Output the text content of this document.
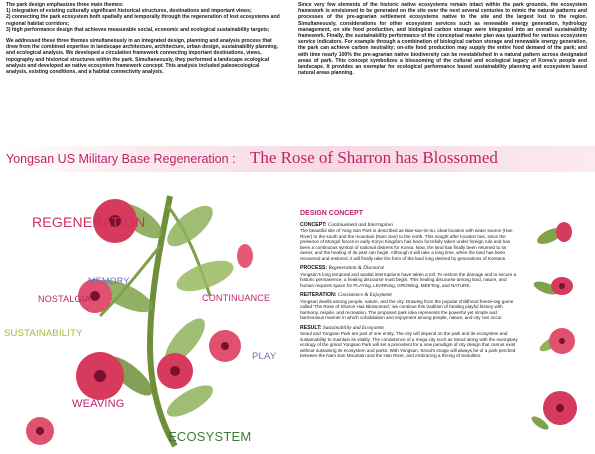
The park design emphasizes three main themes:
1) integration of existing culturally significant historical structures, destinations and important views;
2) connecting the park ecosystem both spatially and temporally through the regeneration of lost ecosystems and regional habitat corridors;
3) high performance design that achieves measurable social, economic and ecological sustainability targets;

We addressed these three themes simultaneously in an integrated design, planning and analysis process that drew from the combined expertise in landscape architecture, architecture, urban design, sustainability planning, and ecological analysis. We developed a circulation framework connecting important destinations, views, topography and historical structures within the park. Simultaneously, they performed a landscape ecological analysis and developed an native ecosystem framework concept. This analysis included paleoecological analysis, existing conditions, and a habitat connectivity analysis.

Since very few elements of the historic native ecosystems remain intact within the park grounds, the ecosystem framework is envisioned to be generated on the site over the next several centuries to mimic the natural patterns and processes of the pre-agrarian settlement ecosystems native to the site and the largest lost to the region. Simultaneously, considerations for other ecosystem services such as renewable energy generation, hydrology management, on site food production, and biological carbon storage were integrated into an overall sustainability framework. Finally, the sustainability performance of the conceptual master plan was quantified for various ecosystem service indicators. For example through a combination of biological carbon storage and renewable energy generation, the park can achieve carbon neutrality; on-site food production may supply the entire food demand of the park; and with time nearly 100% the pre-agrarian native biodiversity can be reestablished in a natural pattern across designated areas of park. This concept symbolizes a blossoming of the cultural and ecological legacy of Korea's people and landscape. It provides an exemplar for ecological performance based sustainability planning and ecosystem based natural areas planning.

Yongsan US Military Base Regeneration : The Rose of Sharron has Blossomed
REGENERATION
MEMORY
NOSTALGIA
SUSTAINABILITY
CONTINUANCE
PLAY
WEAVING
ECOSYSTEM
DESIGN CONCEPT
CONCEPT: Continuement and Interruption
The beautiful site of Yong San Park is described as Bae-san-im-su, ideal location with water source (Han River) to the south and the mountain (Nam San) to the north. This sought after location has, since the presence of Mongol forces in early Koryo Kingdom has been forcefully taken under foreign rule and has been a continuous symbol of national distress for Korea. Now, the land has finally been returned to its owner, and the healing of its past can begin. Although it will take a long time, when the land has been recovered and restored, it will finally take the form of the land long desired by generations of Koreans.
PROCESS: Regeneration & Discourse
Yongsan's long temporal and spatial interruptions have taken a toll. To restore the damage and to secure a historic permanence, a healing discourse must begin. This healing discourse among land, nature, and human requires space for PLAYing, LEARNing, GROWing, MEETing, and NATURE.
REITERATION: Coexistence & Enjoyment
Yongsan dwells among people, nature, and the city. Drawing from the popular childhood freeze-tag game called 'The Rose of Sharon Has Blossomed,' we continue this tradition of healing playful history with harmony, respite, and recreation. The proposed park idea represents the powerful yet simple and harmonious manner in which cohabitation and enjoyment among people, nature, and city can occur.
RESULT: Sustainability and Ecosystem
Seoul and Yongsan Park are part of one entity. The city will depend on the park and its ecosystem and sustainability to maintain its vitality. The consistence of a mega city such as Seoul along with the exemplary ecology of the grand Yongsan Park will set a precedent for a new paradigm of city design that cannot exist without sustaining its ecosystem and parks. With Yongsan, Seoul's image will always be of a park perched between the Nam San Mountain and the Han River, and embracing a throng of Seoulites.
